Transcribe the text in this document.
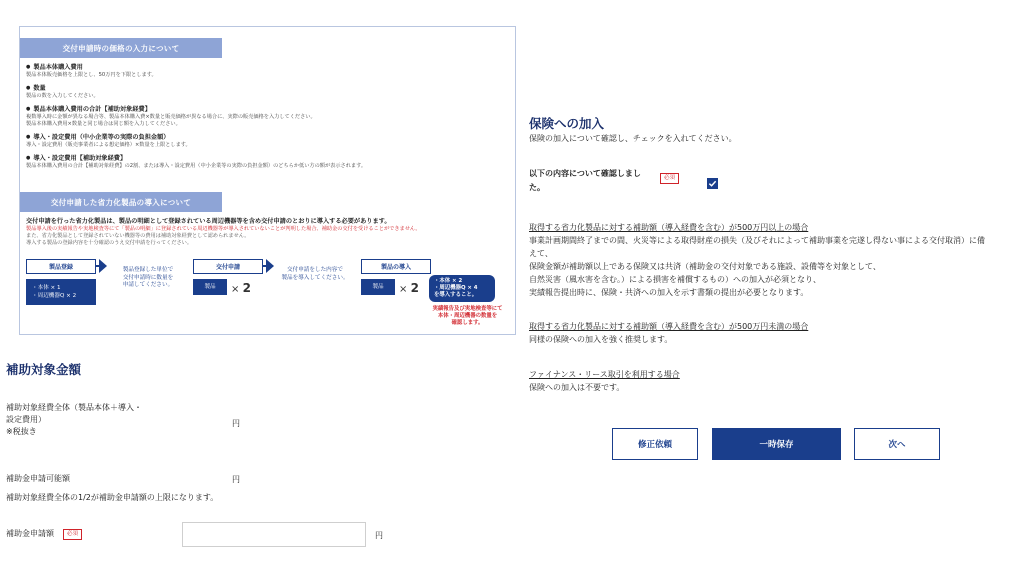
交付申請時の価格の入力について
● 製品本体購入費用
製品本体販売価格を上限とし、50万円を下限とします。
● 数量
製品の数を入力してください。
● 製品本体購入費用の合計【補助対象経費】
複数導入時に金額が異なる場合等、製品本体購入費×数量と販売価格が異なる場合に、実際の販売価格を入力してください。
製品本体購入費用×数量と同じ場合は同じ額を入力してください。
● 導入・設定費用（中小企業等の実際の負担金額）
導入・設定費用（販売事業者による想定価格）×数量を上限とします。
● 導入・設定費用【補助対象経費】
製品本体購入費用の合計【補助対象経費】の2割、または導入・設定費用（中小企業等の実際の負担金額）のどちらか低い方の額が表示されます。
交付申請した省力化製品の導入について
交付申請を行った省力化製品は、製品の明細として登録されている周辺機器等を含め交付申請のとおりに導入する必要があります。
製品導入後の実績報告や実地検査等にて「製品の明細」に登録されている周辺機器等が導入されていないことが判明した場合、補助金の交付を受けることができません。
また、省力化製品として登録されていない機器等の費用は補助対象経費として認められません。
導入する製品の登録内容を十分確認のうえ交付申請を行ってください。
製品登録
・本体 × 1
・周辺機器Q × 2
製品登録した単位で
交付申請時に数量を
申請してください。
交付申請
製品	× 2
交付申請をした内容で
製品を導入してください。
製品の導入
製品	× 2	・本体 × 2
・周辺機器Q × 4
を導入すること。
実績報告及び実地検査等にて
本体・周辺機器の数量を
確認します。
補助対象金額
補助対象経費全体（製品本体＋導入・
設定費用）
※税抜き
円
補助金申請可能額	円
補助対象経費全体の1/2が補助金申請額の上限になります。
補助金申請額	必須	円
保険への加入
保険の加入について確認し、チェックを入れてください。
以下の内容について確認しまし
た。
必須
取得する省力化製品に対する補助額（導入経費を含む）が500万円以上の場合
事業計画期間終了までの間、火災等による取得財産の損失（及びそれによって補助事業を完遂し得ない事による交付取消）に備
えて、
保険金額が補助額以上である保険又は共済（補助金の交付対象である施設、設備等を対象として、
自然災害（風水害を含む。）による損害を補償するもの）への加入が必須となり、
実績報告提出時に、保険・共済への加入を示す書類の提出が必要となります。
取得する省力化製品に対する補助額（導入経費を含む）が500万円未満の場合
同様の保険への加入を強く推奨します。
ファイナンス・リース取引を利用する場合
保険への加入は不要です。
修正依頼	一時保存	次へ
